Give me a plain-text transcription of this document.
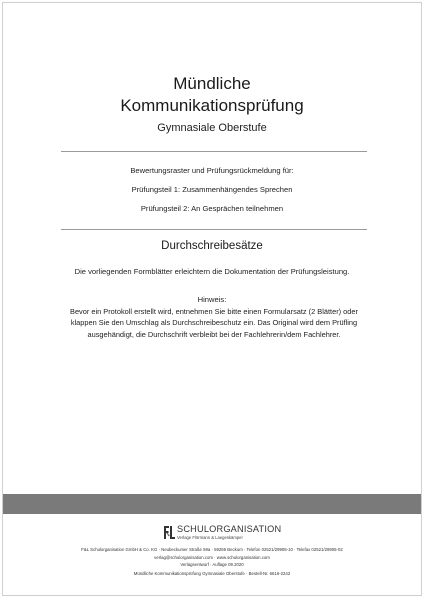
Mündliche
Kommunikationsprüfung
Gymnasiale Oberstufe
Bewertungsraster und Prüfungsrückmeldung für:
Prüfungsteil 1: Zusammenhängendes Sprechen
Prüfungsteil 2: An Gesprächen teilnehmen
Durchschreibesätze
Die vorliegenden Formblätter erleichtern die Dokumentation der Prüfungsleistung.
Hinweis:
Bevor ein Protokoll erstellt wird, entnehmen Sie bitte einen Formularsatz (2 Blätter) oder klappen Sie den Umschlag als Durchschreibeschutz ein. Das Original wird dem Prüfling ausgehändigt, die Durchschrift verbleibt bei der Fachlehrerin/dem Fachlehrer.
SCHULORGANISATION
Verlage Flörmann & Laegeskämper
F&L Schulorganisation GmbH & Co. KG · Neubeckumer Straße 59a · 59269 Beckum · Telefon 02521/29905-10 · Telefax 02521/29905-02
verlag@schulorganisation.com · www.schulorganisation.com
Verlagsentwurf · Auflage 09.2020
Mündliche Kommunikationsprüfung Gymnasiale Oberstufe · Bestell-Nr. 6616-2242
